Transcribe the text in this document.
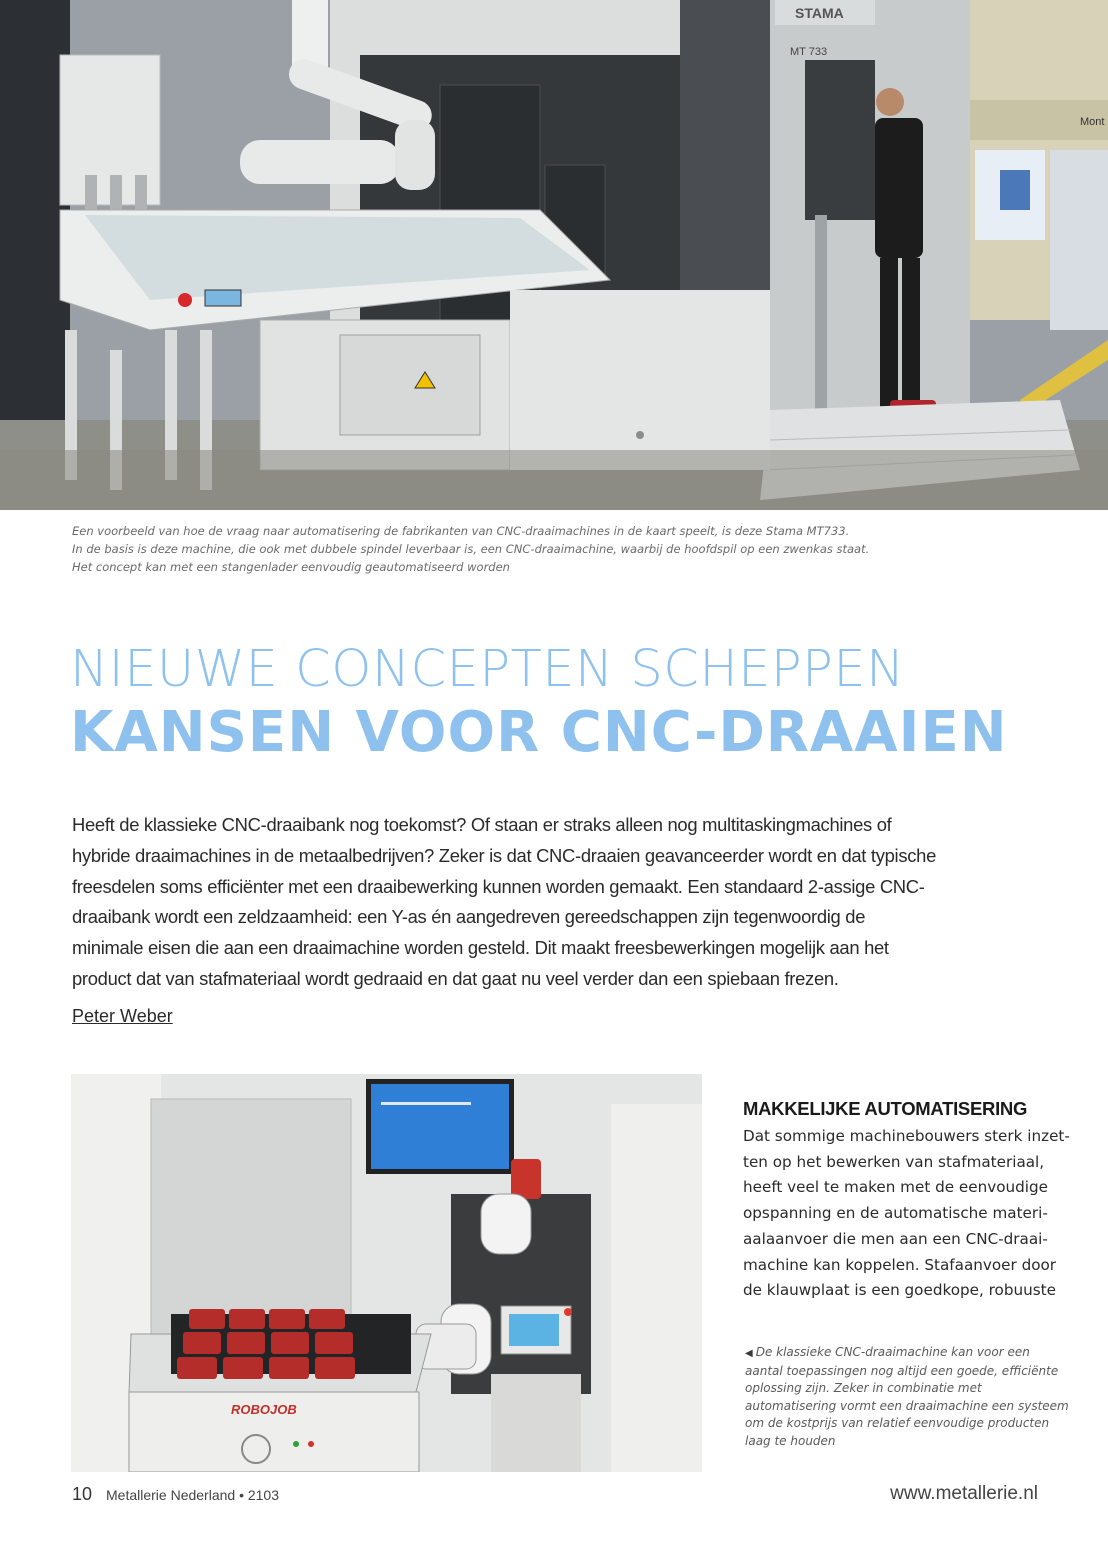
Mont
STAMA
MT 733
Een voorbeeld van hoe de vraag naar automatisering de fabrikanten van CNC-draaimachines in de kaart speelt, is deze Stama MT733.
In de basis is deze machine, die ook met dubbele spindel leverbaar is, een CNC-draaimachine, waarbij de hoofdspil op een zwenkas staat.
Het concept kan met een stangenlader eenvoudig geautomatiseerd worden
NIEUWE CONCEPTEN SCHEPPEN
KANSEN VOOR CNC-DRAAIEN
Heeft de klassieke CNC-draaibank nog toekomst? Of staan er straks alleen nog multitaskingmachines of
hybride draaimachines in de metaalbedrijven? Zeker is dat CNC-draaien geavanceerder wordt en dat typische
freesdelen soms efficiënter met een draaibewerking kunnen worden gemaakt. Een standaard 2-assige CNC-
draaibank wordt een zeldzaamheid: een Y-as én aangedreven gereedschappen zijn tegenwoordig de
minimale eisen die aan een draaimachine worden gesteld. Dit maakt freesbewerkingen mogelijk aan het
product dat van stafmateriaal wordt gedraaid en dat gaat nu veel verder dan een spiebaan frezen.
Peter Weber
ROBOJOB
MAKKELIJKE AUTOMATISERING
Dat sommige machinebouwers sterk inzet-
ten op het bewerken van stafmateriaal,
heeft veel te maken met de eenvoudige
opspanning en de automatische materi-
aalaanvoer die men aan een CNC-draai-
machine kan koppelen. Stafaanvoer door
de klauwplaat is een goedkope, robuuste
◀ De klassieke CNC-draaimachine kan voor een
aantal toepassingen nog altijd een goede, efficiënte
oplossing zijn. Zeker in combinatie met
automatisering vormt een draaimachine een systeem
om de kostprijs van relatief eenvoudige producten
laag te houden
10 Metallerie Nederland • 2103	www.metallerie.nl
